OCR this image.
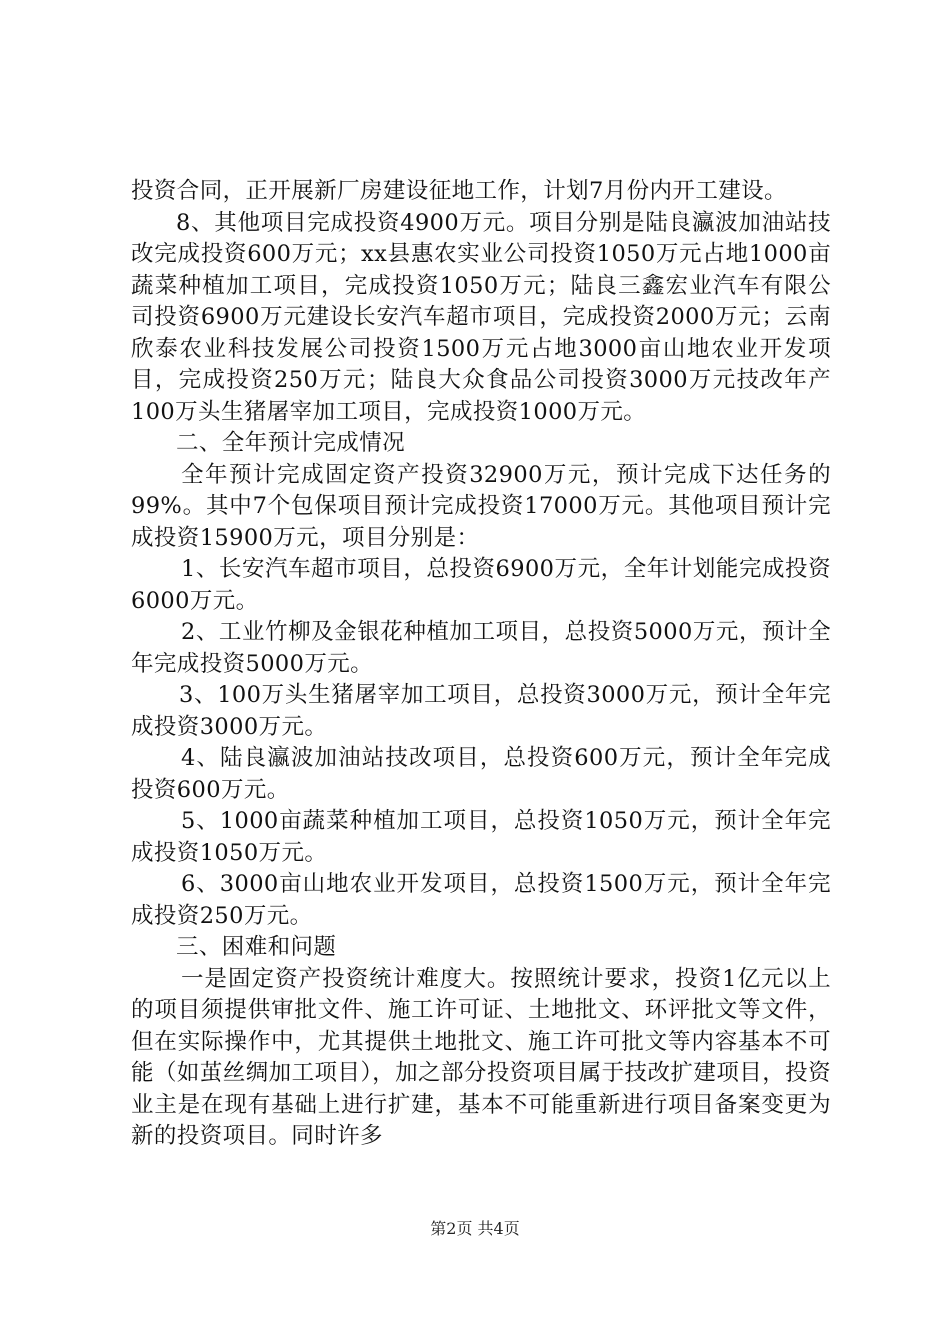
投资合同，正开展新厂房建设征地工作，计划7月份内开工建设。

8、其他项目完成投资4900万元。项目分别是陆良瀛波加油站技改完成投资600万元；xx县惠农实业公司投资1050万元占地1000亩蔬菜种植加工项目，完成投资1050万元；陆良三鑫宏业汽车有限公司投资6900万元建设长安汽车超市项目，完成投资2000万元；云南欣泰农业科技发展公司投资1500万元占地3000亩山地农业开发项目，完成投资250万元；陆良大众食品公司投资3000万元技改年产100万头生猪屠宰加工项目，完成投资1000万元。

二、全年预计完成情况

全年预计完成固定资产投资32900万元，预计完成下达任务的99%。其中7个包保项目预计完成投资17000万元。其他项目预计完成投资15900万元，项目分别是：

1、长安汽车超市项目，总投资6900万元，全年计划能完成投资6000万元。

2、工业竹柳及金银花种植加工项目，总投资5000万元，预计全年完成投资5000万元。

3、100万头生猪屠宰加工项目，总投资3000万元，预计全年完成投资3000万元。

4、陆良瀛波加油站技改项目，总投资600万元，预计全年完成投资600万元。

5、1000亩蔬菜种植加工项目，总投资1050万元，预计全年完成投资1050万元。

6、3000亩山地农业开发项目，总投资1500万元，预计全年完成投资250万元。

三、困难和问题

一是固定资产投资统计难度大。按照统计要求，投资1亿元以上的项目须提供审批文件、施工许可证、土地批文、环评批文等文件，但在实际操作中，尤其提供土地批文、施工许可批文等内容基本不可能（如茧丝绸加工项目），加之部分投资项目属于技改扩建项目，投资业主是在现有基础上进行扩建，基本不可能重新进行项目备案变更为新的投资项目。同时许多

第2页 共4页
